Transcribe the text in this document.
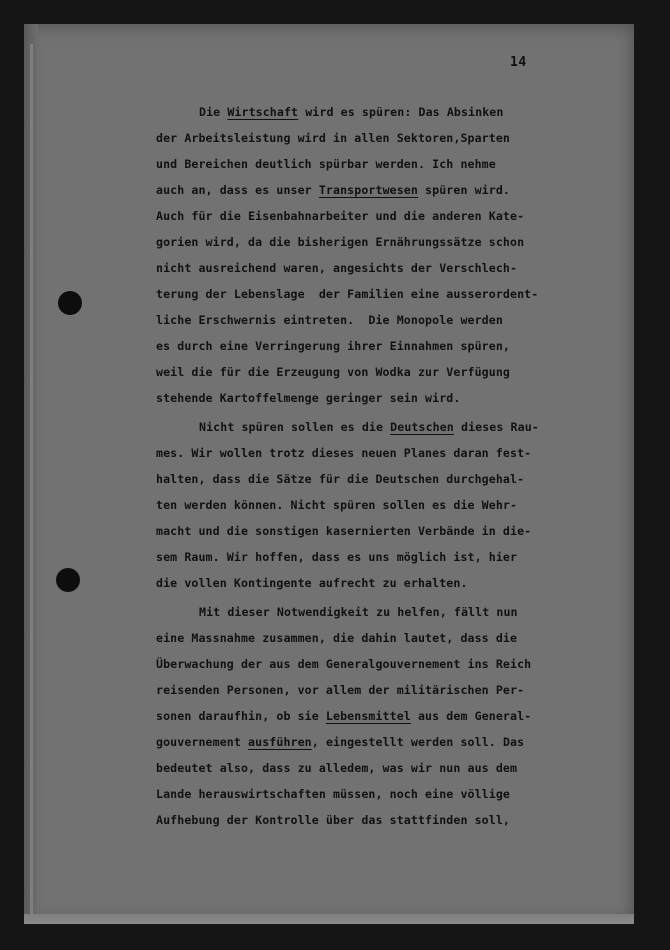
14
Die Wirtschaft wird es spüren: Das Absinken
der Arbeitsleistung wird in allen Sektoren,Sparten
und Bereichen deutlich spürbar werden. Ich nehme
auch an, dass es unser Transportwesen spüren wird.
Auch für die Eisenbahnarbeiter und die anderen Kate-
gorien wird, da die bisherigen Ernährungssätze schon
nicht ausreichend waren, angesichts der Verschlech-
terung der Lebenslage  der Familien eine ausserordent-
liche Erschwernis eintreten.  Die Monopole werden
es durch eine Verringerung ihrer Einnahmen spüren,
weil die für die Erzeugung von Wodka zur Verfügung
stehende Kartoffelmenge geringer sein wird.
Nicht spüren sollen es die Deutschen dieses Rau-
mes. Wir wollen trotz dieses neuen Planes daran fest-
halten, dass die Sätze für die Deutschen durchgehal-
ten werden können. Nicht spüren sollen es die Wehr-
macht und die sonstigen kasernierten Verbände in die-
sem Raum. Wir hoffen, dass es uns möglich ist, hier
die vollen Kontingente aufrecht zu erhalten.
Mit dieser Notwendigkeit zu helfen, fällt nun
eine Massnahme zusammen, die dahin lautet, dass die
Überwachung der aus dem Generalgouvernement ins Reich
reisenden Personen, vor allem der militärischen Per-
sonen daraufhin, ob sie Lebensmittel aus dem General-
gouvernement ausführen, eingestellt werden soll. Das
bedeutet also, dass zu alledem, was wir nun aus dem
Lande herauswirtschaften müssen, noch eine völlige
Aufhebung der Kontrolle über das stattfinden soll,
